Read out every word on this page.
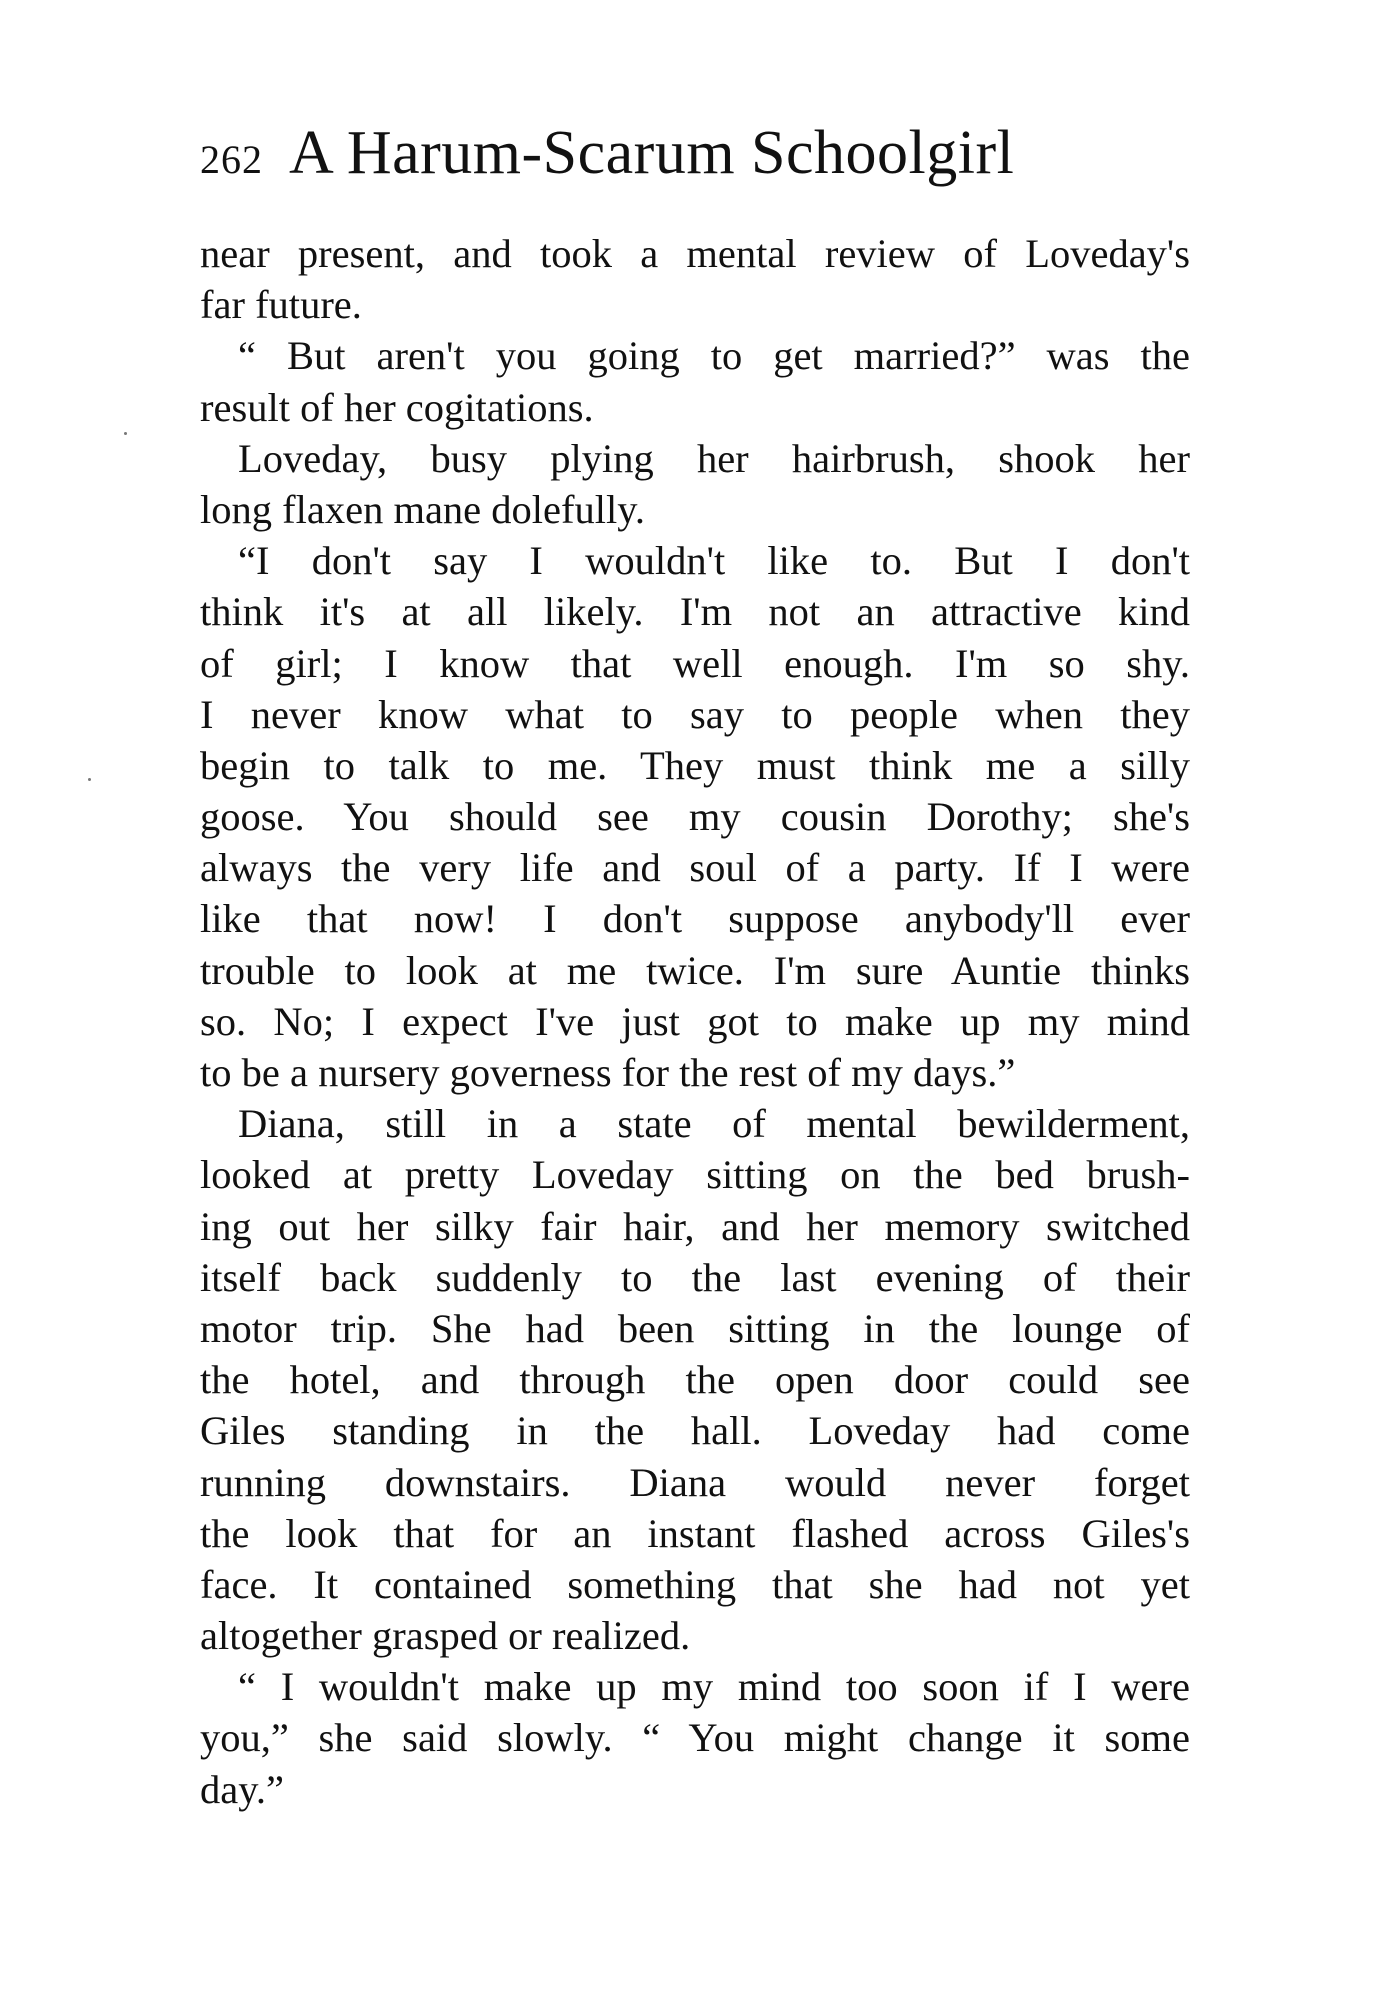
262 A Harum-Scarum Schoolgirl
near present, and took a mental review of Loveday's
far future.
“ But aren't you going to get married?” was the
result of her cogitations.
Loveday, busy plying her hairbrush, shook her
long flaxen mane dolefully.
“I don't say I wouldn't like to. But I don't
think it's at all likely. I'm not an attractive kind
of girl; I know that well enough. I'm so shy.
I never know what to say to people when they
begin to talk to me. They must think me a silly
goose. You should see my cousin Dorothy; she's
always the very life and soul of a party. If I were
like that now! I don't suppose anybody'll ever
trouble to look at me twice. I'm sure Auntie thinks
so. No; I expect I've just got to make up my mind
to be a nursery governess for the rest of my days.”
Diana, still in a state of mental bewilderment,
looked at pretty Loveday sitting on the bed brush-
ing out her silky fair hair, and her memory switched
itself back suddenly to the last evening of their
motor trip. She had been sitting in the lounge of
the hotel, and through the open door could see
Giles standing in the hall. Loveday had come
running downstairs. Diana would never forget
the look that for an instant flashed across Giles's
face. It contained something that she had not yet
altogether grasped or realized.
“ I wouldn't make up my mind too soon if I were
you,” she said slowly. “ You might change it some
day.”
